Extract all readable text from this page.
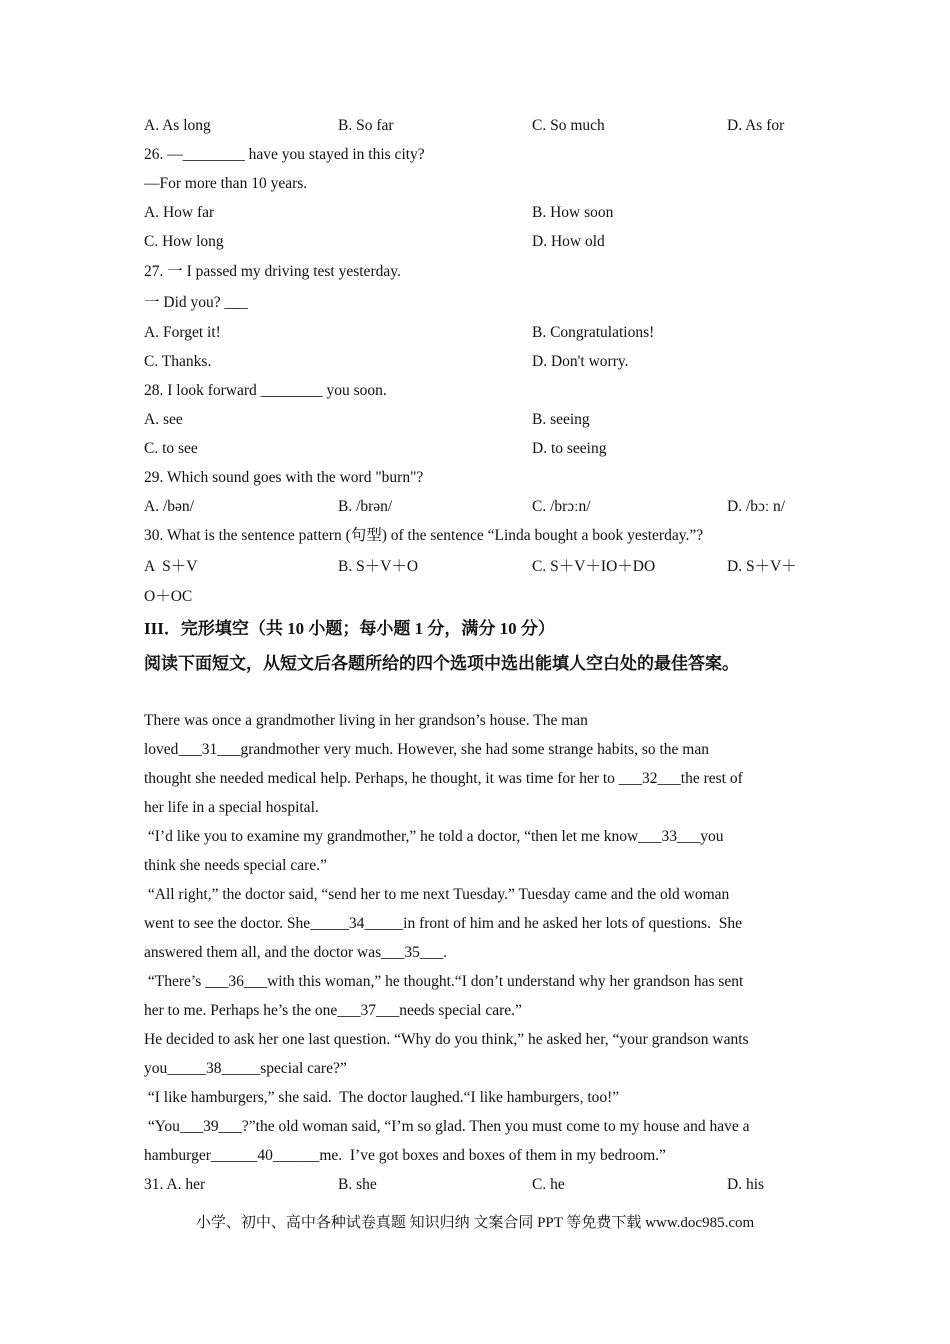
A. As long	B. So far	C. So much	D. As for
26. —________ have you stayed in this city?
—For more than 10 years.
A. How far	B. How soon
C. How long	D. How old
27. 一 I passed my driving test yesterday.
一 Did you? ___
A. Forget it!	B. Congratulations!
C. Thanks.	D. Don't worry.
28. I look forward ________ you soon.
A. see	B. seeing
C. to see	D. to seeing
29. Which sound goes with the word "burn"?
A. /bən/	B. /brən/	C. /brɔːn/	D. /bɔː n/
30. What is the sentence pattern (句型) of the sentence “Linda bought a book yesterday.”?
A  S＋V	B. S＋V＋O	C. S＋V＋IO＋DO	D. S＋V＋
O＋OC
III．完形填空（共 10 小题；每小题 1 分，满分 10 分）
阅读下面短文，从短文后各题所给的四个选项中选出能填人空白处的最佳答案。
There was once a grandmother living in her grandson’s house. The man
loved___31___grandmother very much. However, she had some strange habits, so the man
thought she needed medical help. Perhaps, he thought, it was time for her to ___32___the rest of
her life in a special hospital.
“I’d like you to examine my grandmother,” he told a doctor, “then let me know___33___you
think she needs special care.”
“All right,” the doctor said, “send her to me next Tuesday.” Tuesday came and the old woman
went to see the doctor. She_____34_____in front of him and he asked her lots of questions.  She
answered them all, and the doctor was___35___.
“There’s ___36___with this woman,” he thought.“I don’t understand why her grandson has sent
her to me. Perhaps he’s the one___37___needs special care.”
He decided to ask her one last question. “Why do you think,” he asked her, “your grandson wants
you_____38_____special care?”
“I like hamburgers,” she said.  The doctor laughed.“I like hamburgers, too!”
“You___39___?”the old woman said, “I’m so glad. Then you must come to my house and have a
hamburger______40______me.  I’ve got boxes and boxes of them in my bedroom.”
31. A. her	B. she	C. he	D. his
小学、初中、高中各种试卷真题 知识归纳 文案合同 PPT 等免费下载 www.doc985.com
